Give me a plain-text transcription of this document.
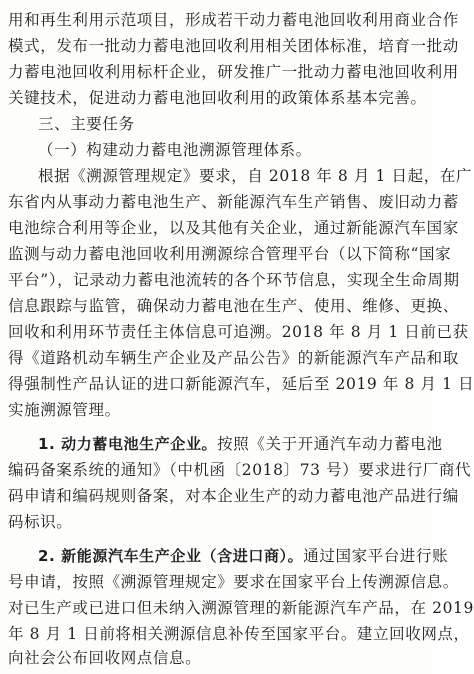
用和再生利用示范项目，形成若干动力蓄电池回收利用商业合作
模式，发布一批动力蓄电池回收利用相关团体标准，培育一批动
力蓄电池回收利用标杆企业，研发推广一批动力蓄电池回收利用
关键技术，促进动力蓄电池回收利用的政策体系基本完善。
三、主要任务
（一）构建动力蓄电池溯源管理体系。
根据《溯源管理规定》要求，自 2018 年 8 月 1 日起，在广
东省内从事动力蓄电池生产、新能源汽车生产销售、废旧动力蓄
电池综合利用等企业，以及其他有关企业，通过新能源汽车国家
监测与动力蓄电池回收利用溯源综合管理平台（以下简称“国家
平台”），记录动力蓄电池流转的各个环节信息，实现全生命周期
信息跟踪与监管，确保动力蓄电池在生产、使用、维修、更换、
回收和利用环节责任主体信息可追溯。2018 年 8 月 1 日前已获
得《道路机动车辆生产企业及产品公告》的新能源汽车产品和取
得强制性产品认证的进口新能源汽车，延后至 2019 年 8 月 1 日
实施溯源管理。
1. 动力蓄电池生产企业。按照《关于开通汽车动力蓄电池
编码备案系统的通知》（中机函〔2018〕73 号）要求进行厂商代
码申请和编码规则备案，对本企业生产的动力蓄电池产品进行编
码标识。
2. 新能源汽车生产企业（含进口商）。通过国家平台进行账
号申请，按照《溯源管理规定》要求在国家平台上传溯源信息。
对已生产或已进口但未纳入溯源管理的新能源汽车产品，在 2019
年 8 月 1 日前将相关溯源信息补传至国家平台。建立回收网点，
向社会公布回收网点信息。
